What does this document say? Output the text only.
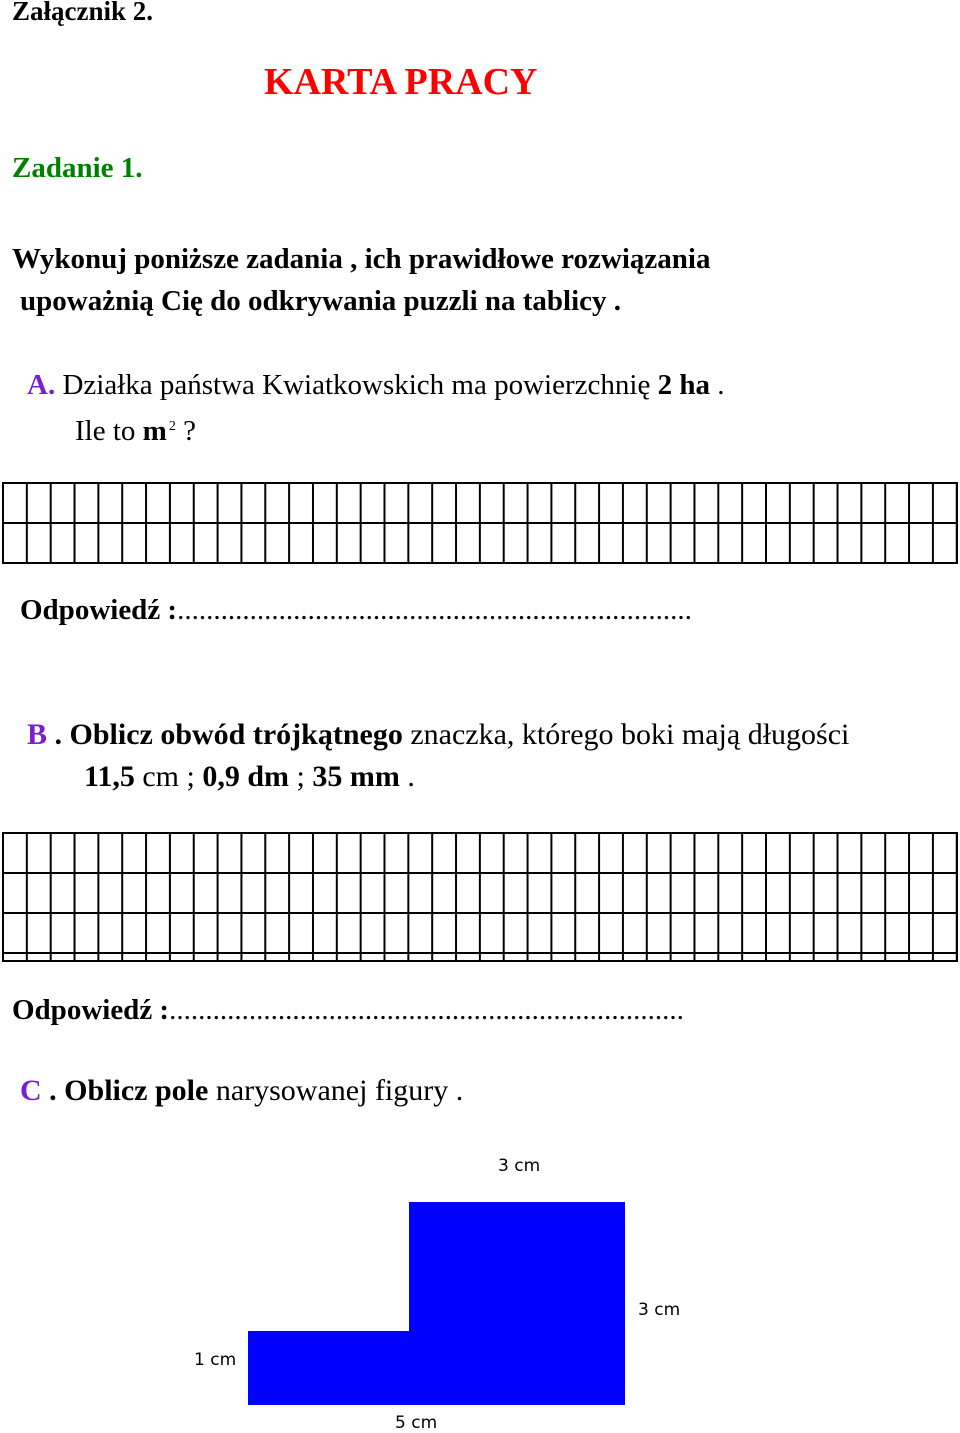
Załącznik 2.
KARTA PRACY
Zadanie 1.
Wykonuj poniższe zadania , ich prawidłowe rozwiązania
upoważnią Cię do odkrywania puzzli na tablicy .
A. Działka państwa Kwiatkowskich ma powierzchnię 2 ha .
Ile to m $^2$ ?
Odpowiedź :.......................................................................
B . Oblicz obwód trójkątnego znaczka, którego boki mają długości
11,5 cm ; 0,9 dm ; 35 mm .
Odpowiedź :.......................................................................
C . Oblicz pole narysowanej figury .
3 cm
3 cm
1 cm
5 cm
